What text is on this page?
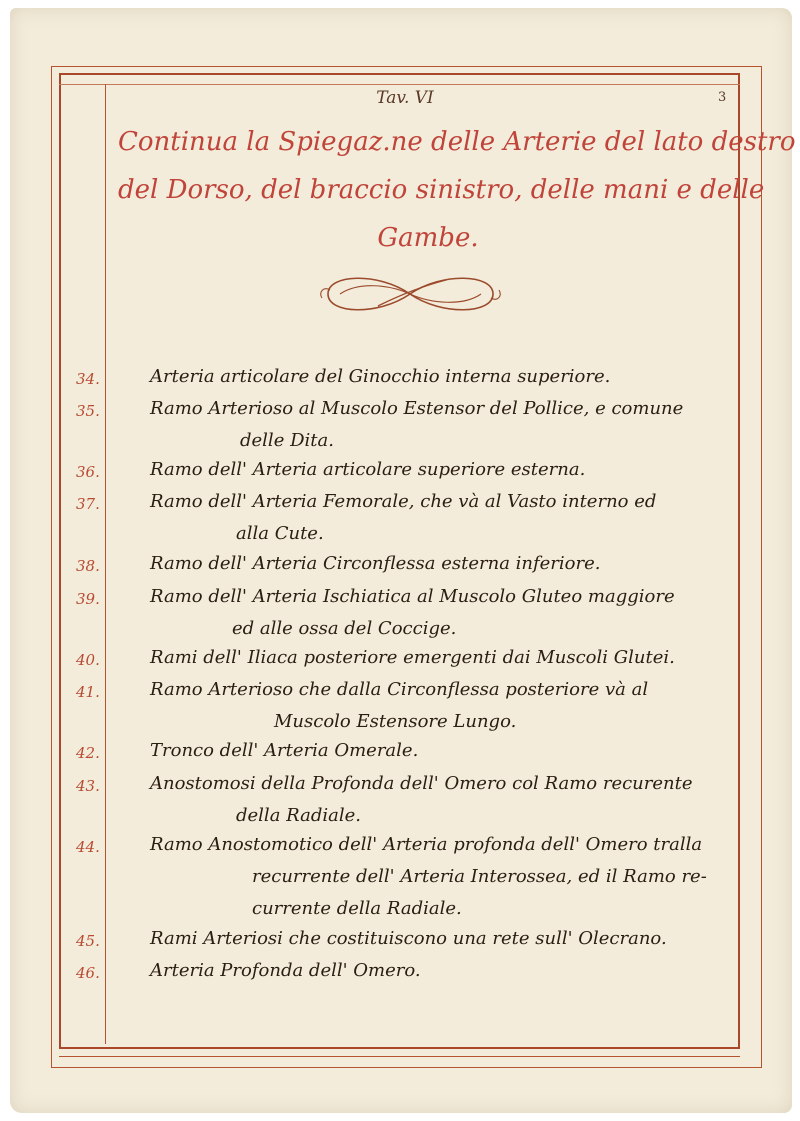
Tav. VI	3
Continua la Spiegaz.ne delle Arterie del lato destro
del Dorso, del braccio sinistro, delle mani e delle
Gambe.
34.	Arteria articolare del Ginocchio interna superiore.
35.	Ramo Arterioso al Muscolo Estensor del Pollice, e comune
delle Dita.
36.	Ramo dell' Arteria articolare superiore esterna.
37.	Ramo dell' Arteria Femorale, che và al Vasto interno ed
alla Cute.
38.	Ramo dell' Arteria Circonflessa esterna inferiore.
39.	Ramo dell' Arteria Ischiatica al Muscolo Gluteo maggiore
ed alle ossa del Coccige.
40.	Rami dell' Iliaca posteriore emergenti dai Muscoli Glutei.
41.	Ramo Arterioso che dalla Circonflessa posteriore và al
Muscolo Estensore Lungo.
42.	Tronco dell' Arteria Omerale.
43.	Anostomosi della Profonda dell' Omero col Ramo recurente
della Radiale.
44.	Ramo Anostomotico dell' Arteria profonda dell' Omero tralla
recurrente dell' Arteria Interossea, ed il Ramo re-
currente della Radiale.
45.	Rami Arteriosi che costituiscono una rete sull' Olecrano.
46.	Arteria Profonda dell' Omero.
